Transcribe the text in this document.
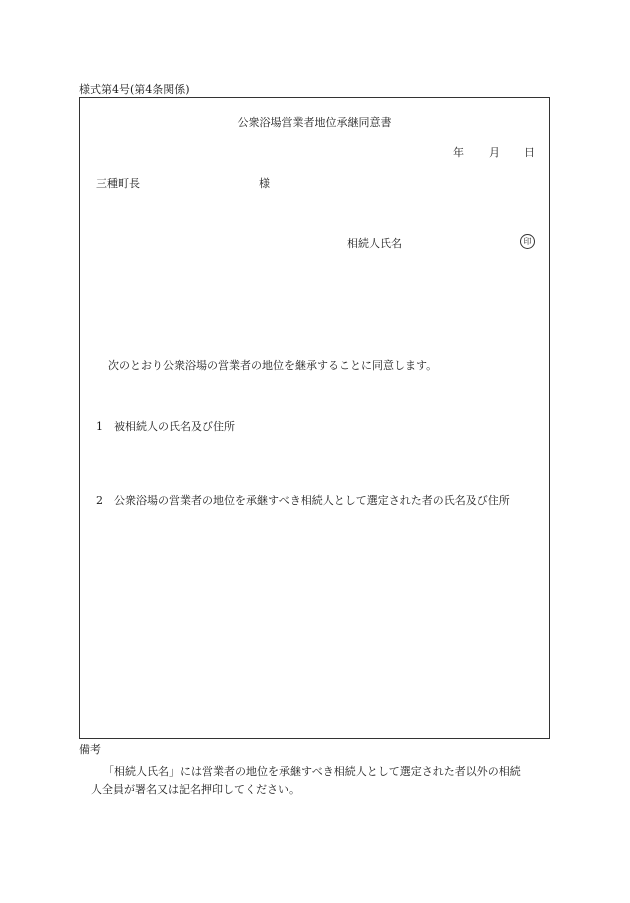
様式第4号(第4条関係)
公衆浴場営業者地位承継同意書
年 月 日
三種町長	様
相続人氏名	印
次のとおり公衆浴場の営業者の地位を継承することに同意します。
1　被相続人の氏名及び住所
2　公衆浴場の営業者の地位を承継すべき相続人として選定された者の氏名及び住所
備考
「相続人氏名」には営業者の地位を承継すべき相続人として選定された者以外の相続
人全員が署名又は記名押印してください。
